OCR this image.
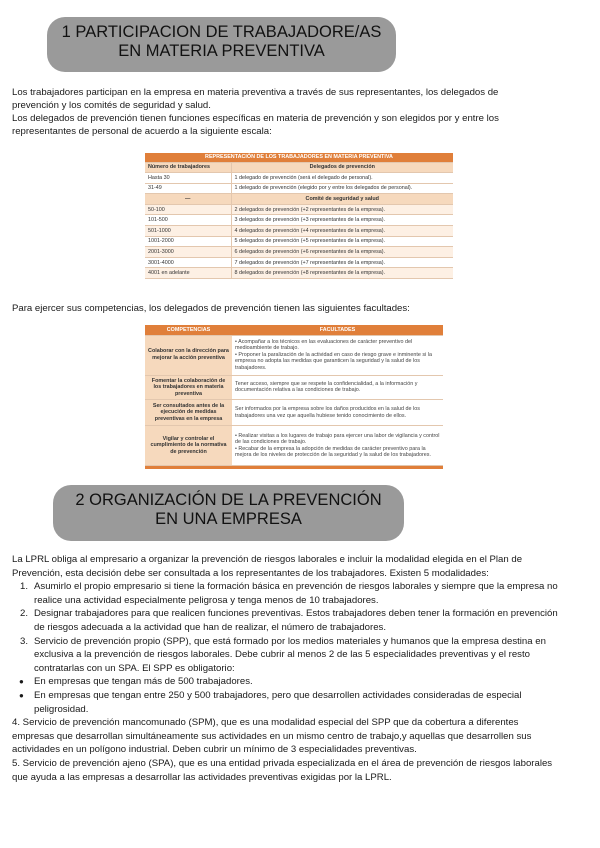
1 PARTICIPACION DE TRABAJADORE/AS
EN MATERIA PREVENTIVA
Los trabajadores participan en la empresa en materia preventiva a través de sus representantes, los delegados de
prevención y los comités de seguridad y salud.
Los delegados de prevención tienen funciones específicas en materia de prevención y son elegidos por y entre los
representantes de personal de acuerdo a la siguiente escala:
REPRESENTACIÓN DE LOS TRABAJADORES EN MATERIA PREVENTIVA	
Número de trabajadores	Delegados de prevención
Hasta 30	1 delegado de prevención (será el delegado de personal).
31-49	1 delegado de prevención (elegido por y entre los delegados de personal).
—	Comité de seguridad y salud
50-100	2 delegados de prevención (+2 representantes de la empresa).
101-500	3 delegados de prevención (+3 representantes de la empresa).
501-1000	4 delegados de prevención (+4 representantes de la empresa).
1001-2000	5 delegados de prevención (+5 representantes de la empresa).
2001-3000	6 delegados de prevención (+6 representantes de la empresa).
3001-4000	7 delegados de prevención (+7 representantes de la empresa).
4001 en adelante	8 delegados de prevención (+8 representantes de la empresa).
Para ejercer sus competencias, los delegados de prevención tienen las siguientes facultades:
COMPETENCIAS	FACULTADES
Colaborar con la dirección para mejorar la acción preventiva	• Acompañar a los técnicos en las evaluaciones de carácter preventivo del medioambiente de trabajo.
• Proponer la paralización de la actividad en caso de riesgo grave e inminente si la empresa no adopta las medidas que garanticen la seguridad y la salud de los trabajadores.

Fomentar la colaboración de los trabajadores en materia preventiva	Tener acceso, siempre que se respete la confidencialidad, a la información y documentación relativa a las condiciones de trabajo.

Ser consultados antes de la ejecución de medidas preventivas en la empresa	Ser informados por la empresa sobre los daños producidos en la salud de los trabajadores una vez que aquella hubiese tenido conocimiento de ellos.

Vigilar y controlar el cumplimiento de la normativa de prevención	• Realizar visitas a los lugares de trabajo para ejercer una labor de vigilancia y control de las condiciones de trabajo.
• Recabar de la empresa la adopción de medidas de carácter preventivo para la mejora de los niveles de protección de la seguridad y la salud de los trabajadores.

2 ORGANIZACIÓN DE LA PREVENCIÓN
EN UNA EMPRESA
La LPRL obliga al empresario a organizar la prevención de riesgos laborales e incluir la modalidad elegida en el Plan de
Prevención, esta decisión debe ser consultada a los representantes de los trabajadores. Existen 5 modalidades:
1. Asumirlo el propio empresario si tiene la formación básica en prevención de riesgos laborales y siempre que la empresa no
realice una actividad especialmente peligrosa y tenga menos de 10 trabajadores.
2. Designar trabajadores para que realicen funciones preventivas. Estos trabajadores deben tener la formación en prevención
de riesgos adecuada a la actividad que han de realizar, el número de trabajadores.
3. Servicio de prevención propio (SPP), que está formado por los medios materiales y humanos que la empresa destina en
exclusiva a la prevención de riesgos laborales. Debe cubrir al menos 2 de las 5 especialidades preventivas y el resto
contratarlas con un SPA. El SPP es obligatorio:
● En empresas que tengan más de 500 trabajadores.
● En empresas que tengan entre 250 y 500 trabajadores, pero que desarrollen actividades consideradas de especial
peligrosidad.
4. Servicio de prevención mancomunado (SPM), que es una modalidad especial del SPP que da cobertura a diferentes
empresas que desarrollan simultáneamente sus actividades en un mismo centro de trabajo,y aquellas que desarrollen sus
actividades en un polígono industrial. Deben cubrir un mínimo de 3 especialidades preventivas.
5. Servicio de prevención ajeno (SPA), que es una entidad privada especializada en el área de prevención de riesgos laborales
que ayuda a las empresas a desarrollar las actividades preventivas exigidas por la LPRL.
